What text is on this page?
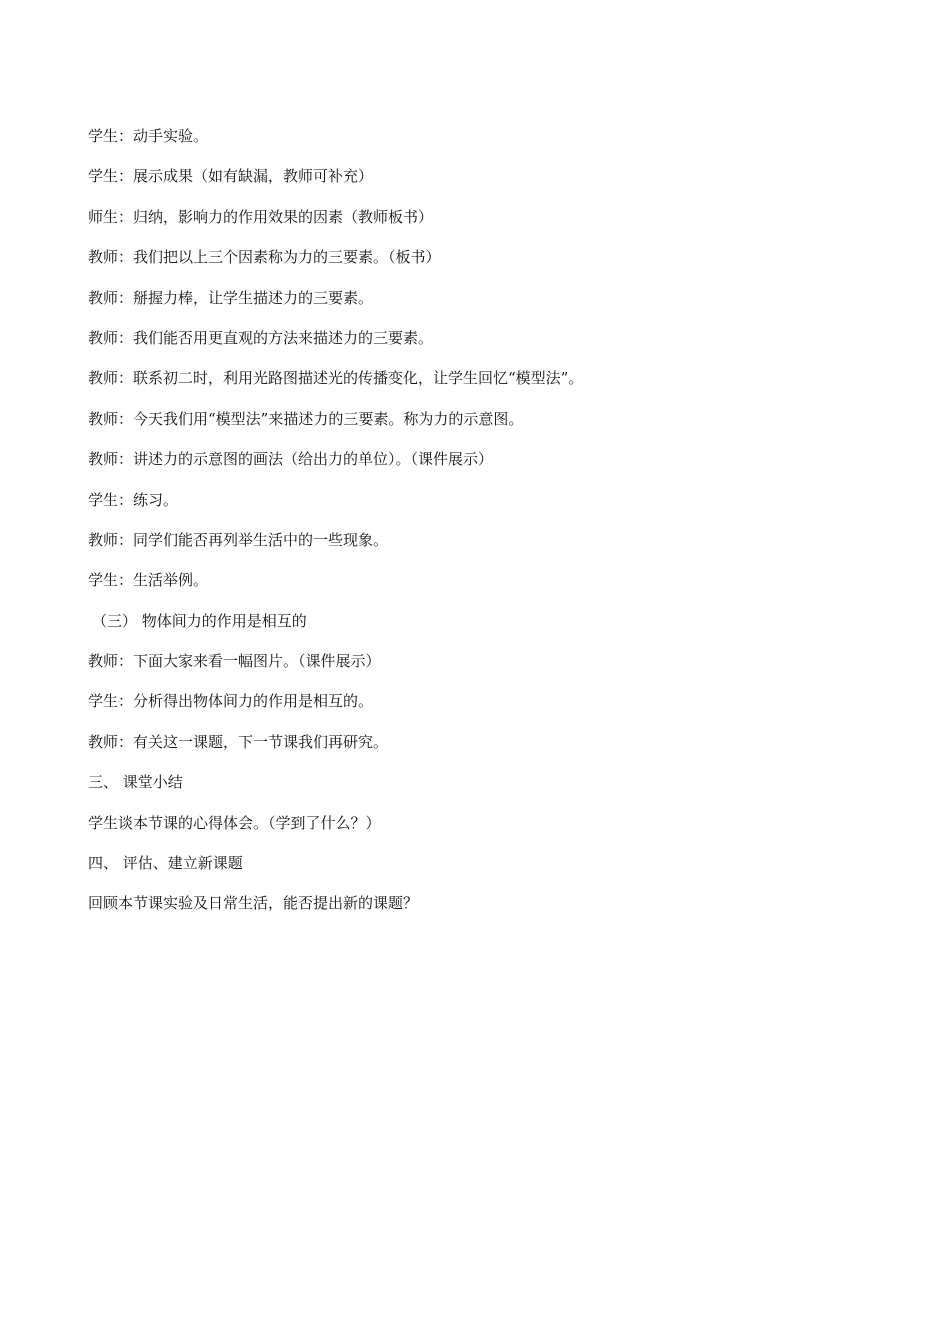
学生：动手实验。
学生：展示成果（如有缺漏，教师可补充）
师生：归纳，影响力的作用效果的因素（教师板书）
教师：我们把以上三个因素称为力的三要素。（板书）
教师：掰握力棒，让学生描述力的三要素。
教师：我们能否用更直观的方法来描述力的三要素。
教师：联系初二时，利用光路图描述光的传播变化，让学生回忆“模型法”。
教师：今天我们用“模型法”来描述力的三要素。称为力的示意图。
教师：讲述力的示意图的画法（给出力的单位）。（课件展示）
学生：练习。
教师：同学们能否再列举生活中的一些现象。
学生：生活举例。
（三） 物体间力的作用是相互的
教师：下面大家来看一幅图片。（课件展示）
学生：分析得出物体间力的作用是相互的。
教师：有关这一课题，下一节课我们再研究。
三、 课堂小结
学生谈本节课的心得体会。（学到了什么？）
四、 评估、建立新课题
回顾本节课实验及日常生活，能否提出新的课题？
